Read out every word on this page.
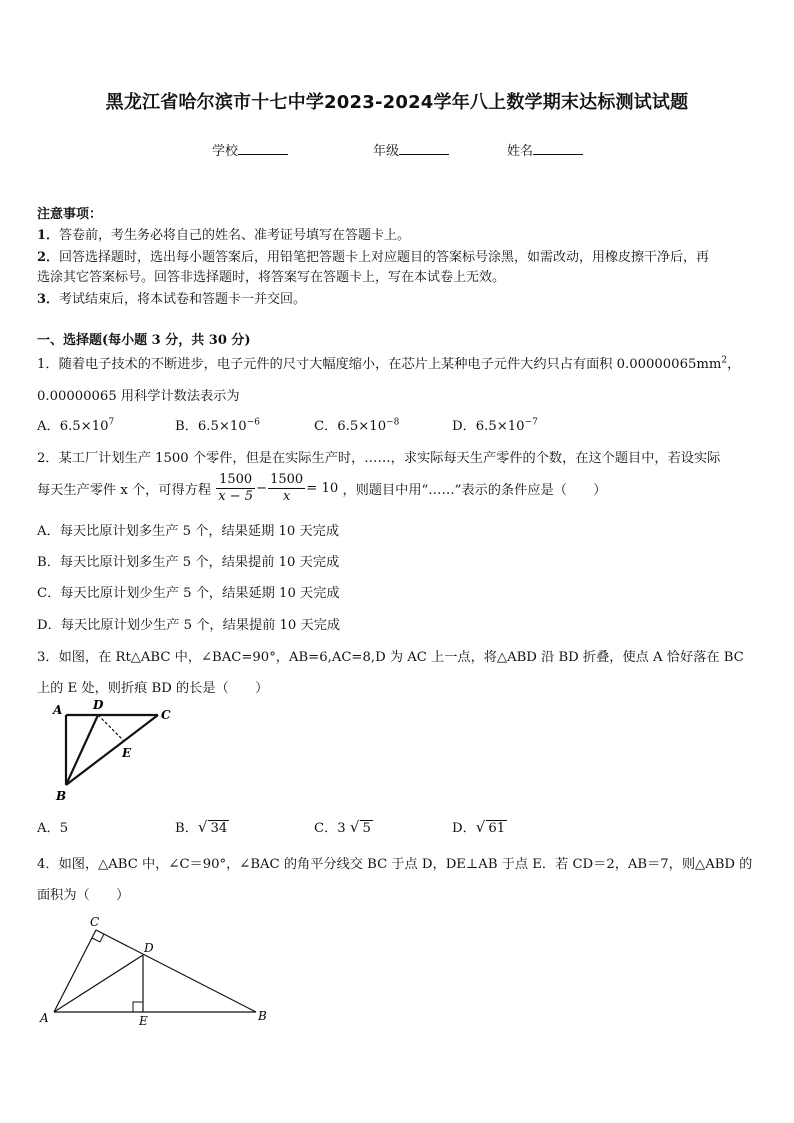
黑龙江省哈尔滨市十七中学2023-2024学年八上数学期末达标测试试题
学校	年级	姓名
注意事项：
1．答卷前，考生务必将自己的姓名、准考证号填写在答题卡上。
2．回答选择题时，选出每小题答案后，用铅笔把答题卡上对应题目的答案标号涂黑，如需改动，用橡皮擦干净后，再
选涂其它答案标号。回答非选择题时，将答案写在答题卡上，写在本试卷上无效。
3．考试结束后，将本试卷和答题卡一并交回。
一、选择题(每小题 3 分，共 30 分)
1．随着电子技术的不断进步，电子元件的尺寸大幅度缩小，在芯片上某种电子元件大约只占有面积 $0.00000065mm^2$，
0.00000065 用科学计数法表示为
A．$6.5\times 10^7$	B．$6.5\times 10^{-6}$	C．$6.5\times 10^{-8}$	D．$6.5\times 10^{-7}$
2．某工厂计划生产 1500 个零件，但是在实际生产时，……，求实际每天生产零件的个数，在这个题目中，若设实际
每天生产零件 x 个，可得方程 $\frac{1500}{x - 5} - \frac{1500}{x} = 10$ ，则题目中用“……”表示的条件应是（　　）
A．每天比原计划多生产 5 个，结果延期 10 天完成
B．每天比原计划多生产 5 个，结果提前 10 天完成
C．每天比原计划少生产 5 个，结果延期 10 天完成
D．每天比原计划少生产 5 个，结果提前 10 天完成
3．如图，在 Rt△ABC 中，∠BAC=90°，AB=6,AC=8,D 为 AC 上一点，将△ABD 沿 BD 折叠，使点 A 恰好落在 BC
上的 E 处，则折痕 BD 的长是（　　）
A	D
C
E
B
A．5	B．√ 34	C．3 √ 5	D．√ 61
4．如图，△ABC 中，∠C＝90°，∠BAC 的角平分线交 BC 于点 D，DE⊥AB 于点 E．若 CD＝2，AB＝7，则△ABD 的
面积为（　　）
C
D
A	E	B
